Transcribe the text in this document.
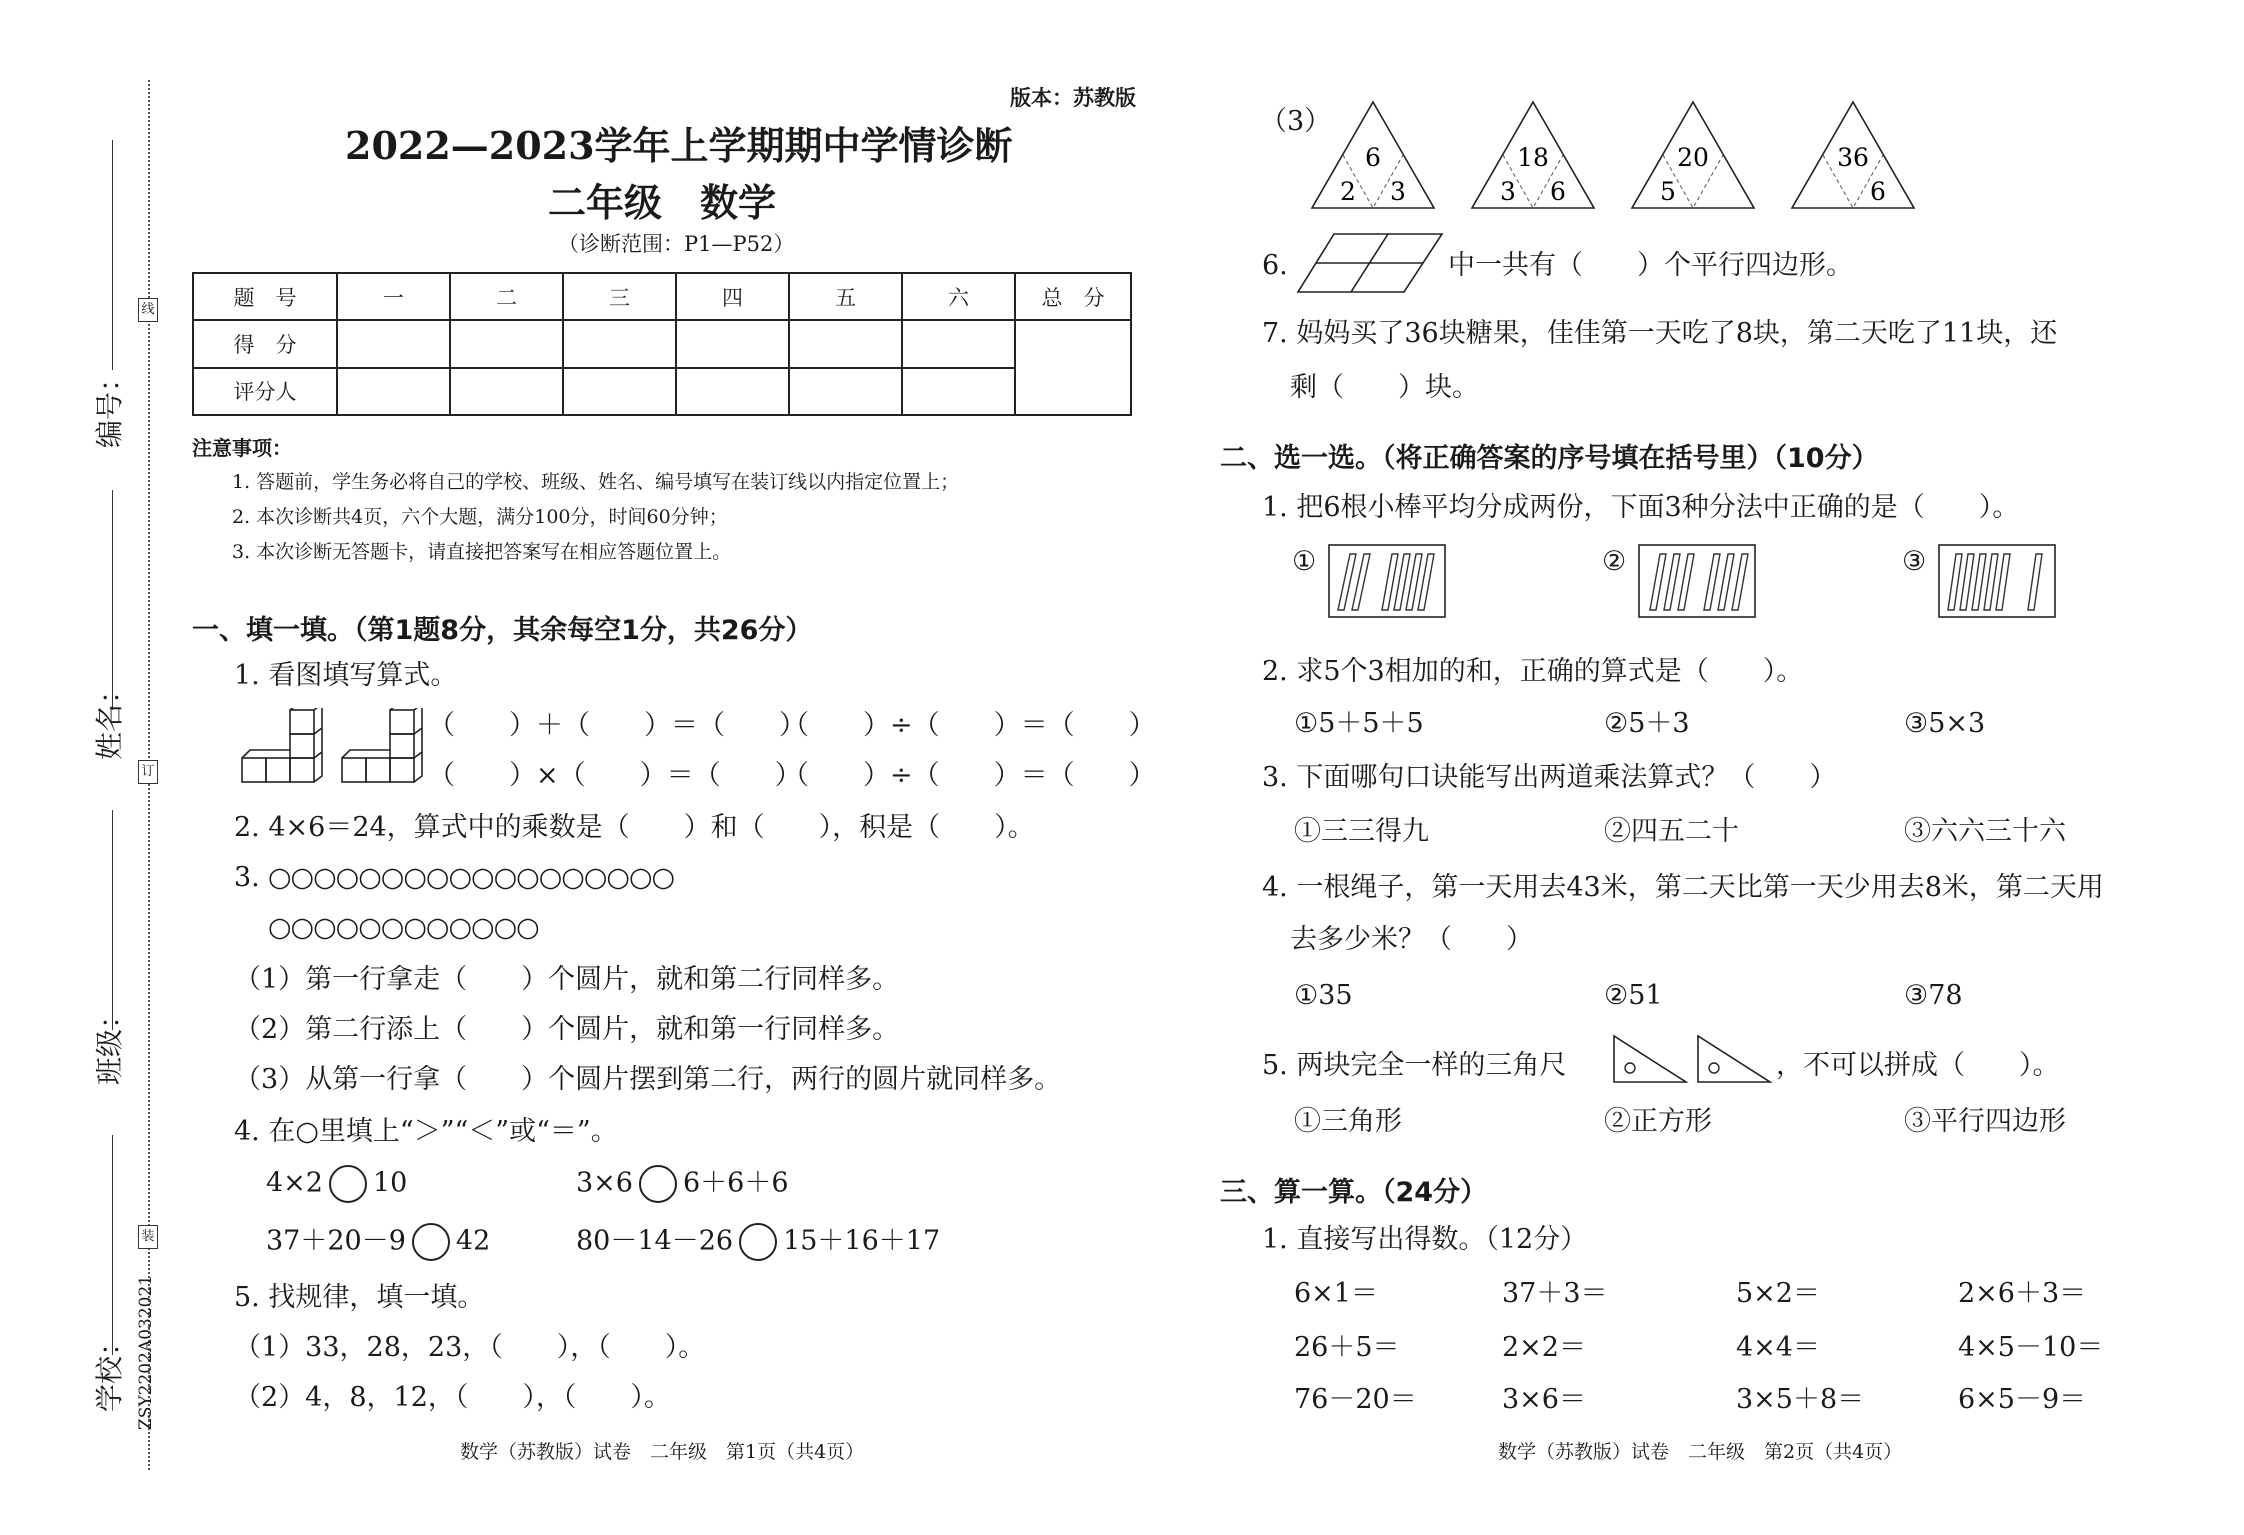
编号：
姓名：
班级：
学校： ZSY2202A032021
线
订
装
版本：苏教版
2022—2023学年上学期期中学情诊断
二年级　数学
（诊断范围：P1—P52）
题　号	一	二	三	四	五	六	总　分
得　分							
评分人							
注意事项：
1. 答题前，学生务必将自己的学校、班级、姓名、编号填写在装订线以内指定位置上；
2. 本次诊断共4页，六个大题，满分100分，时间60分钟；
3. 本次诊断无答题卡，请直接把答案写在相应答题位置上。
一、填一填。（第1题8分，其余每空1分，共26分）
1. 看图填写算式。
（　　）＋（　　）＝（　　）
（　　）÷（　　）＝（　　）
（　　）×（　　）＝（　　）
（　　）÷（　　）＝（　　）
2. 4×6＝24，算式中的乘数是（　　）和（　　），积是（　　）。
3. ○○○○○○○○○○○○○○○○○○
○○○○○○○○○○○○
（1）第一行拿走（　　）个圆片，就和第二行同样多。
（2）第二行添上（　　）个圆片，就和第一行同样多。
（3）从第一行拿（　　）个圆片摆到第二行，两行的圆片就同样多。
4. 在○里填上“＞”“＜”或“＝”。
4×2 10	3×6 6＋6＋6
37＋20－9 42	80－14－26 15＋16＋17
5. 找规律，填一填。
（1）33，28，23，（　　），（　　）。
（2）4，8，12，（　　），（　　）。
数学（苏教版）试卷　二年级　第1页（共4页）
（3）
6
2 3
18
3 6
20
5
36
6
6.	中一共有（　　）个平行四边形。
7. 妈妈买了36块糖果，佳佳第一天吃了8块，第二天吃了11块，还
剩（　　）块。
二、选一选。（将正确答案的序号填在括号里）（10分）
1. 把6根小棒平均分成两份，下面3种分法中正确的是（　　）。
①	②	③
2. 求5个3相加的和，正确的算式是（　　）。
①5＋5＋5	②5＋3	③5×3
3. 下面哪句口诀能写出两道乘法算式？（　　）
①三三得九	②四五二十	③六六三十六
4. 一根绳子，第一天用去43米，第二天比第一天少用去8米，第二天用
去多少米？（　　）
①35	②51	③78
5. 两块完全一样的三角尺	，不可以拼成（　　）。
①三角形	②正方形	③平行四边形
三、算一算。（24分）
1. 直接写出得数。（12分）
6×1＝	37＋3＝	5×2＝	2×6＋3＝
26＋5＝	2×2＝	4×4＝	4×5－10＝
76－20＝	3×6＝	3×5＋8＝	6×5－9＝
数学（苏教版）试卷　二年级　第2页（共4页）
